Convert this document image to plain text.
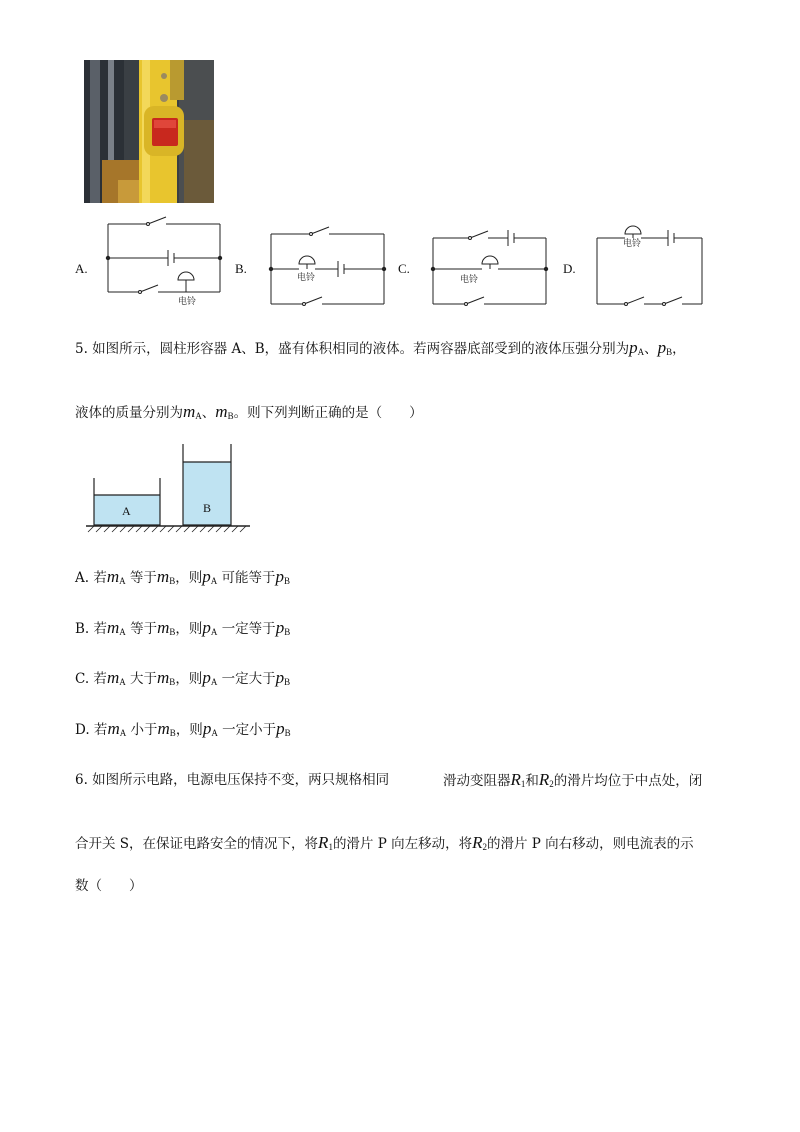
电铃
电铃	电铃
电铃
A.	B.	C.	D.
5. 如图所示，圆柱形容器 A、B，盛有体积相同的液体。若两容器底部受到的液体压强分别为$p_A$、$p_B$，
液体的质量分别为$m_A$、$m_B$。则下列判断正确的是（　　）
A	B
A. 若$m_A$ 等于$m_B$，则$p_A$ 可能等于$p_B$
B. 若$m_A$ 等于$m_B$，则$p_A$ 一定等于$p_B$
C. 若$m_A$ 大于$m_B$，则$p_A$ 一定大于$p_B$
D. 若$m_A$ 小于$m_B$，则$p_A$ 一定小于$p_B$
6. 如图所示电路，电源电压保持不变，两只规格相同	滑动变阻器$R_1$和$R_2$的滑片均位于中点处，闭
合开关 S，在保证电路安全的情况下，将$R_1$的滑片 P 向左移动，将$R_2$的滑片 P 向右移动，则电流表的示
数（　　）
